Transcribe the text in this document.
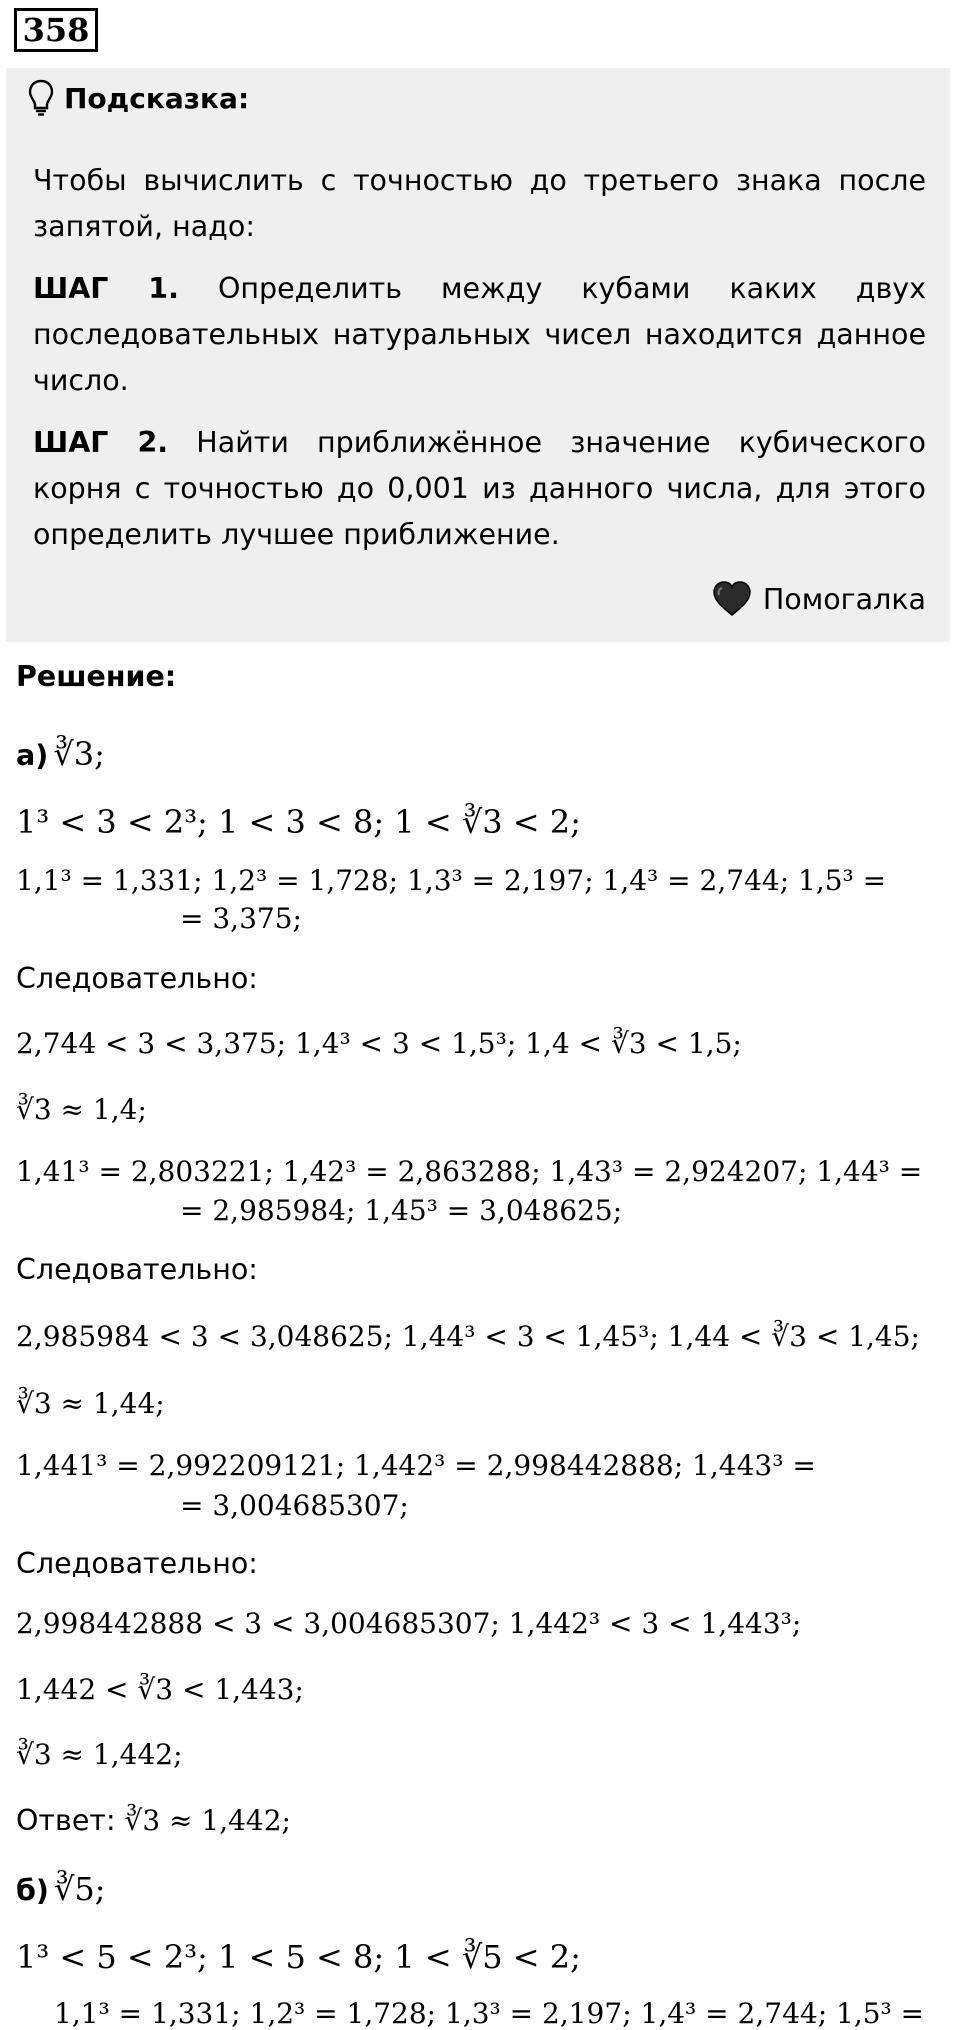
358
Подсказка:

Чтобы вычислить с точностью до третьего знака после запятой, надо:

ШАГ 1. Определить между кубами каких двух последовательных натуральных чисел находится данное число.

ШАГ 2. Найти приближённое значение кубического корня с точностью до 0,001 из данного числа, для этого определить лучшее приближение.

Помогалка
Решение:
а) ∛3;
1³ < 3 < 2³; 1 < 3 < 8; 1 < ∛3 < 2;
1,1³ = 1,331; 1,2³ = 1,728; 1,3³ = 2,197; 1,4³ = 2,744; 1,5³ =
= 3,375;
Следовательно:
2,744 < 3 < 3,375; 1,4³ < 3 < 1,5³; 1,4 < ∛3 < 1,5;
∛3 ≈ 1,4;
1,41³ = 2,803221; 1,42³ = 2,863288; 1,43³ = 2,924207; 1,44³ =
= 2,985984; 1,45³ = 3,048625;
Следовательно:
2,985984 < 3 < 3,048625; 1,44³ < 3 < 1,45³; 1,44 < ∛3 < 1,45;
∛3 ≈ 1,44;
1,441³ = 2,992209121; 1,442³ = 2,998442888; 1,443³ =
= 3,004685307;
Следовательно:
2,998442888 < 3 < 3,004685307; 1,442³ < 3 < 1,443³;
1,442 < ∛3 < 1,443;
∛3 ≈ 1,442;
Ответ: ∛3 ≈ 1,442;
б) ∛5;
1³ < 5 < 2³; 1 < 5 < 8; 1 < ∛5 < 2;
1,1³ = 1,331; 1,2³ = 1,728; 1,3³ = 2,197; 1,4³ = 2,744; 1,5³ =
